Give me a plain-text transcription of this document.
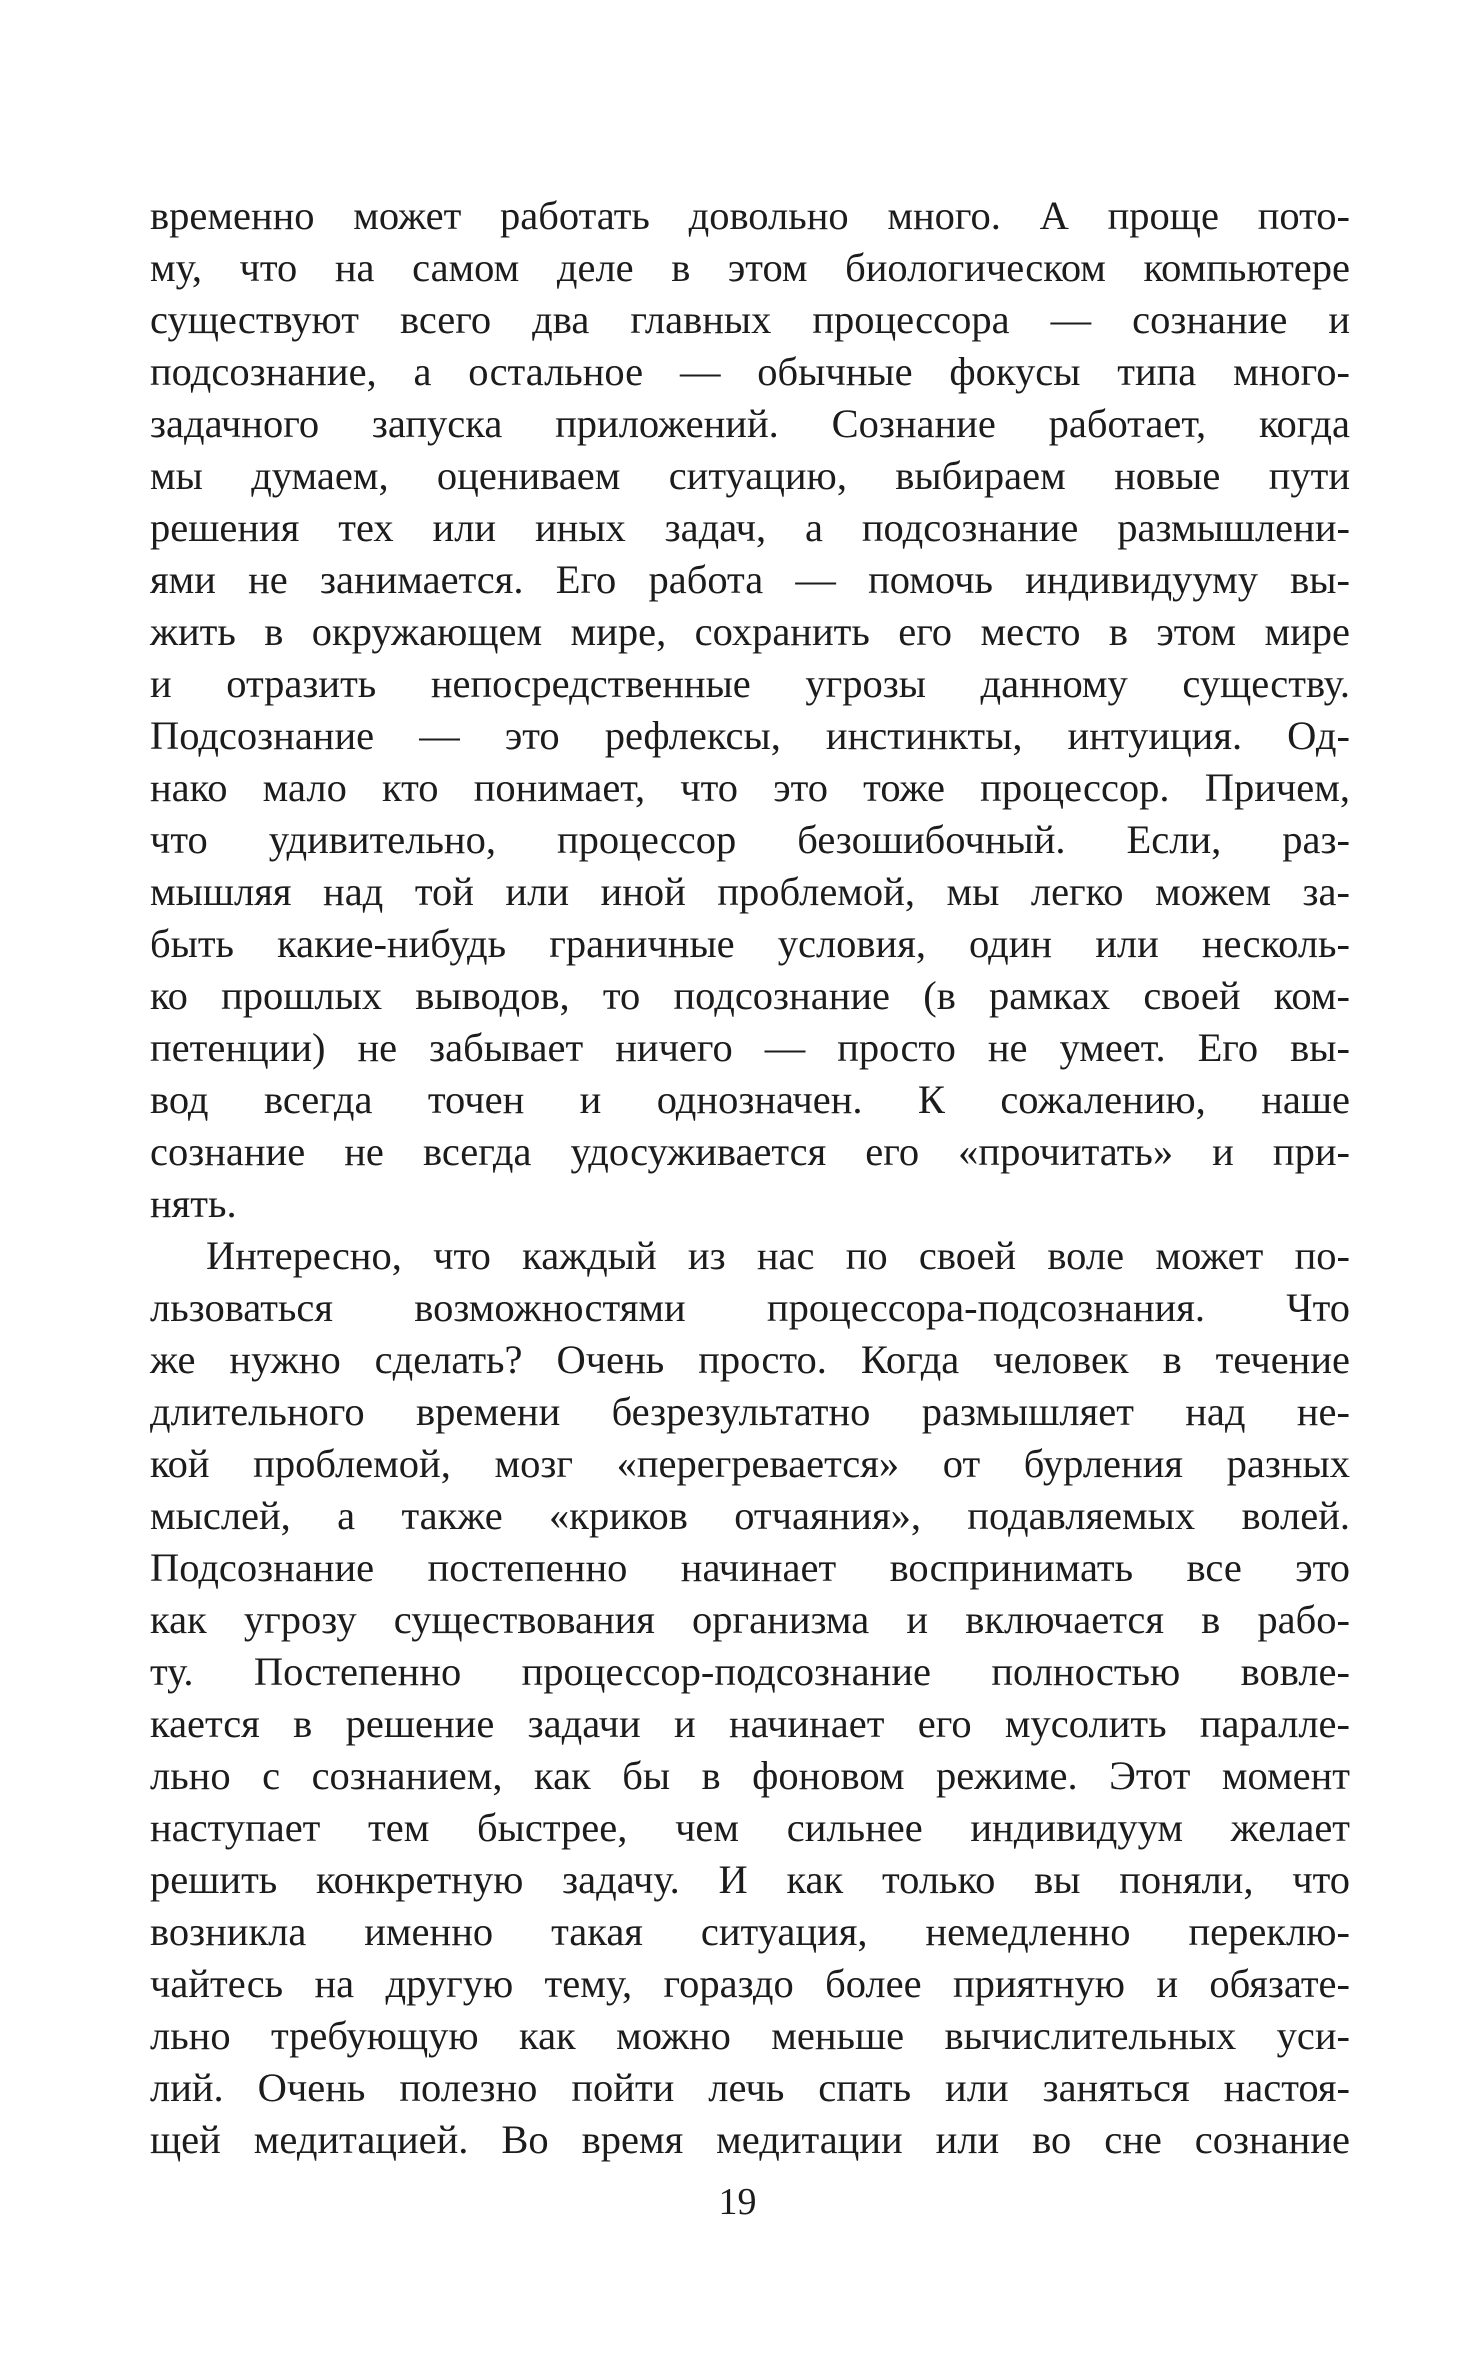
временно может работать довольно много. А проще пото-
му, что на самом деле в этом биологическом компьютере
существуют всего два главных процессора — сознание и
подсознание, а остальное — обычные фокусы типа много-
задачного запуска приложений. Сознание работает, когда
мы думаем, оцениваем ситуацию, выбираем новые пути
решения тех или иных задач, а подсознание размышлени-
ями не занимается. Его работа — помочь индивидууму вы-
жить в окружающем мире, сохранить его место в этом мире
и отразить непосредственные угрозы данному существу.
Подсознание — это рефлексы, инстинкты, интуиция. Од-
нако мало кто понимает, что это тоже процессор. Причем,
что удивительно, процессор безошибочный. Если, раз-
мышляя над той или иной проблемой, мы легко можем за-
быть какие-нибудь граничные условия, один или несколь-
ко прошлых выводов, то подсознание (в рамках своей ком-
петенции) не забывает ничего — просто не умеет. Его вы-
вод всегда точен и однозначен. К сожалению, наше
сознание не всегда удосуживается его «прочитать» и при-
нять.
Интересно, что каждый из нас по своей воле может по-
льзоваться возможностями процессора-подсознания. Что
же нужно сделать? Очень просто. Когда человек в течение
длительного времени безрезультатно размышляет над не-
кой проблемой, мозг «перегревается» от бурления разных
мыслей, а также «криков отчаяния», подавляемых волей.
Подсознание постепенно начинает воспринимать все это
как угрозу существования организма и включается в рабо-
ту. Постепенно процессор-подсознание полностью вовле-
кается в решение задачи и начинает его мусолить паралле-
льно с сознанием, как бы в фоновом режиме. Этот момент
наступает тем быстрее, чем сильнее индивидуум желает
решить конкретную задачу. И как только вы поняли, что
возникла именно такая ситуация, немедленно переклю-
чайтесь на другую тему, гораздо более приятную и обязате-
льно требующую как можно меньше вычислительных уси-
лий. Очень полезно пойти лечь спать или заняться настоя-
щей медитацией. Во время медитации или во сне сознание
19
